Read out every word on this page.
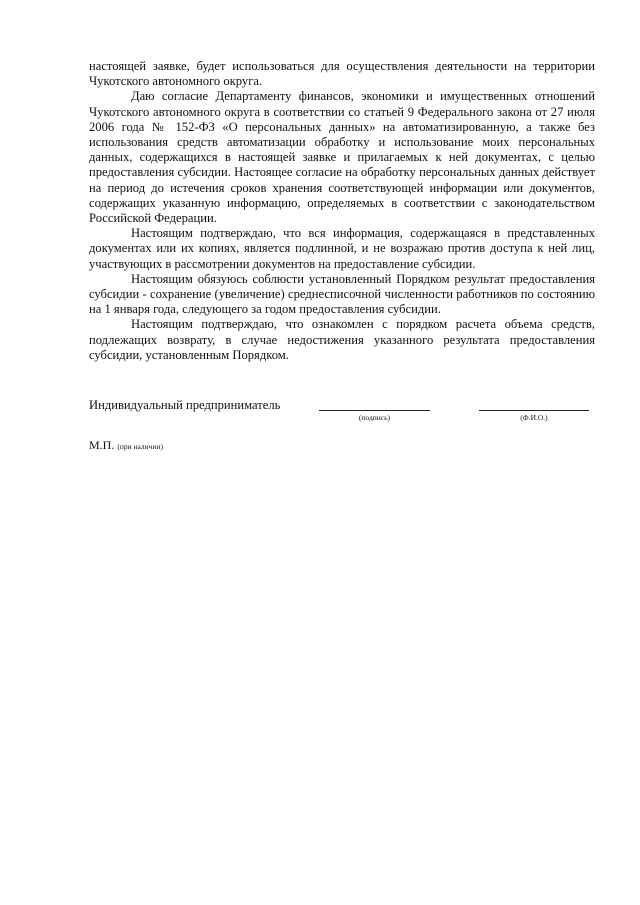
настоящей заявке, будет использоваться для осуществления деятельности на территории Чукотского автономного округа.

Даю согласие Департаменту финансов, экономики и имущественных отношений Чукотского автономного округа в соответствии со статьей 9 Федерального закона от 27 июля 2006 года № 152-ФЗ «О персональных данных» на автоматизированную, а также без использования средств автоматизации обработку и использование моих персональных данных, содержащихся в настоящей заявке и прилагаемых к ней документах, с целью предоставления субсидии. Настоящее согласие на обработку персональных данных действует на период до истечения сроков хранения соответствующей информации или документов, содержащих указанную информацию, определяемых в соответствии с законодательством Российской Федерации.

Настоящим подтверждаю, что вся информация, содержащаяся в представленных документах или их копиях, является подлинной, и не возражаю против доступа к ней лиц, участвующих в рассмотрении документов на предоставление субсидии.

Настоящим обязуюсь соблюсти установленный Порядком результат предоставления субсидии - сохранение (увеличение) среднесписочной численности работников по состоянию на 1 января года, следующего за годом предоставления субсидии.

Настоящим подтверждаю, что ознакомлен с порядком расчета объема средств, подлежащих возврату, в случае недостижения указанного результата предоставления субсидии, установленным Порядком.

Индивидуальный предприниматель
(подпись)	(Ф.И.О.)
М.П. (при наличии)
